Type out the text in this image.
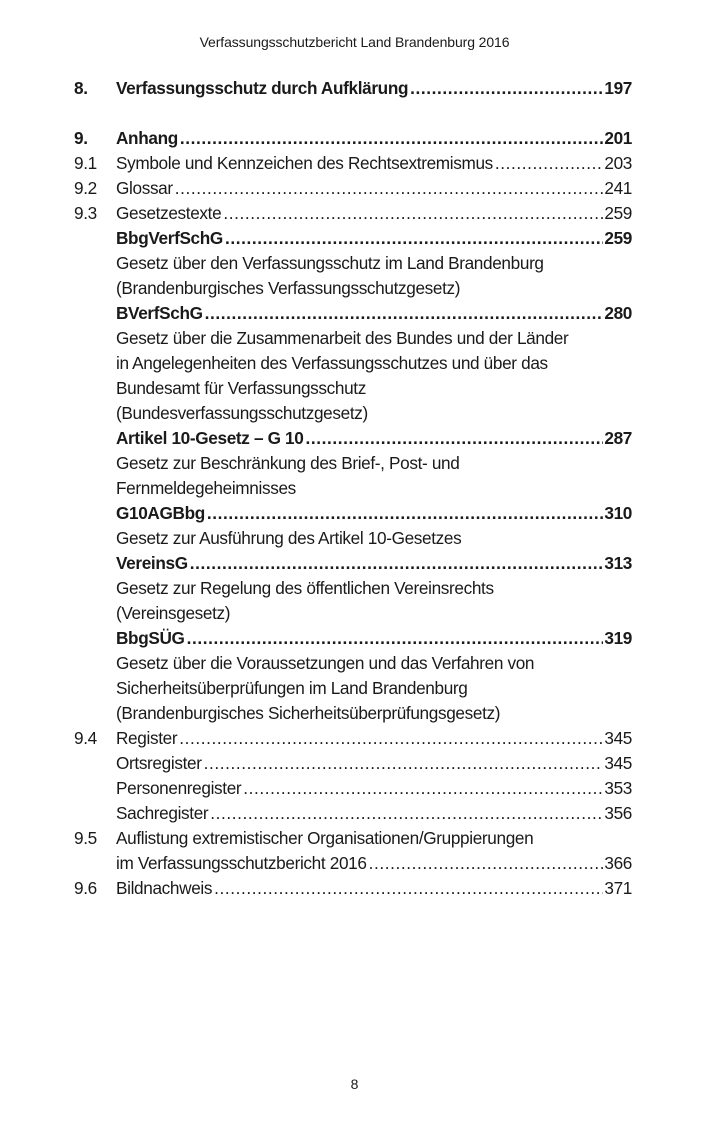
Verfassungsschutzbericht Land Brandenburg 2016
8.	Verfassungsschutz durch Aufklärung .....	197
9.	Anhang .....	201
9.1	Symbole und Kennzeichen des Rechtsextremismus .....	203
9.2	Glossar .....	241
9.3	Gesetzestexte .....	259
BbgVerfSchG .....	259
Gesetz über den Verfassungsschutz im Land Brandenburg
(Brandenburgisches Verfassungsschutzgesetz)
BVerfSchG .....	280
Gesetz über die Zusammenarbeit des Bundes und der Länder
in Angelegenheiten des Verfassungsschutzes und über das
Bundesamt für Verfassungsschutz
(Bundesverfassungsschutzgesetz)
Artikel 10-Gesetz – G 10 .....	287
Gesetz zur Beschränkung des Brief-, Post- und
Fernmeldegeheimnisses
G10AGBbg .....	310
Gesetz zur Ausführung des Artikel 10-Gesetzes
VereinsG .....	313
Gesetz zur Regelung des öffentlichen Vereinsrechts
(Vereinsgesetz)
BbgSÜG .....	319
Gesetz über die Voraussetzungen und das Verfahren von
Sicherheitsüberprüfungen im Land Brandenburg
(Brandenburgisches Sicherheitsüberprüfungsgesetz)
9.4	Register .....	345
Ortsregister .....	345
Personenregister .....	353
Sachregister .....	356
9.5	Auflistung extremistischer Organisationen/Gruppierungen
im Verfassungsschutzbericht 2016 .....	366
9.6	Bildnachweis .....	371
8
